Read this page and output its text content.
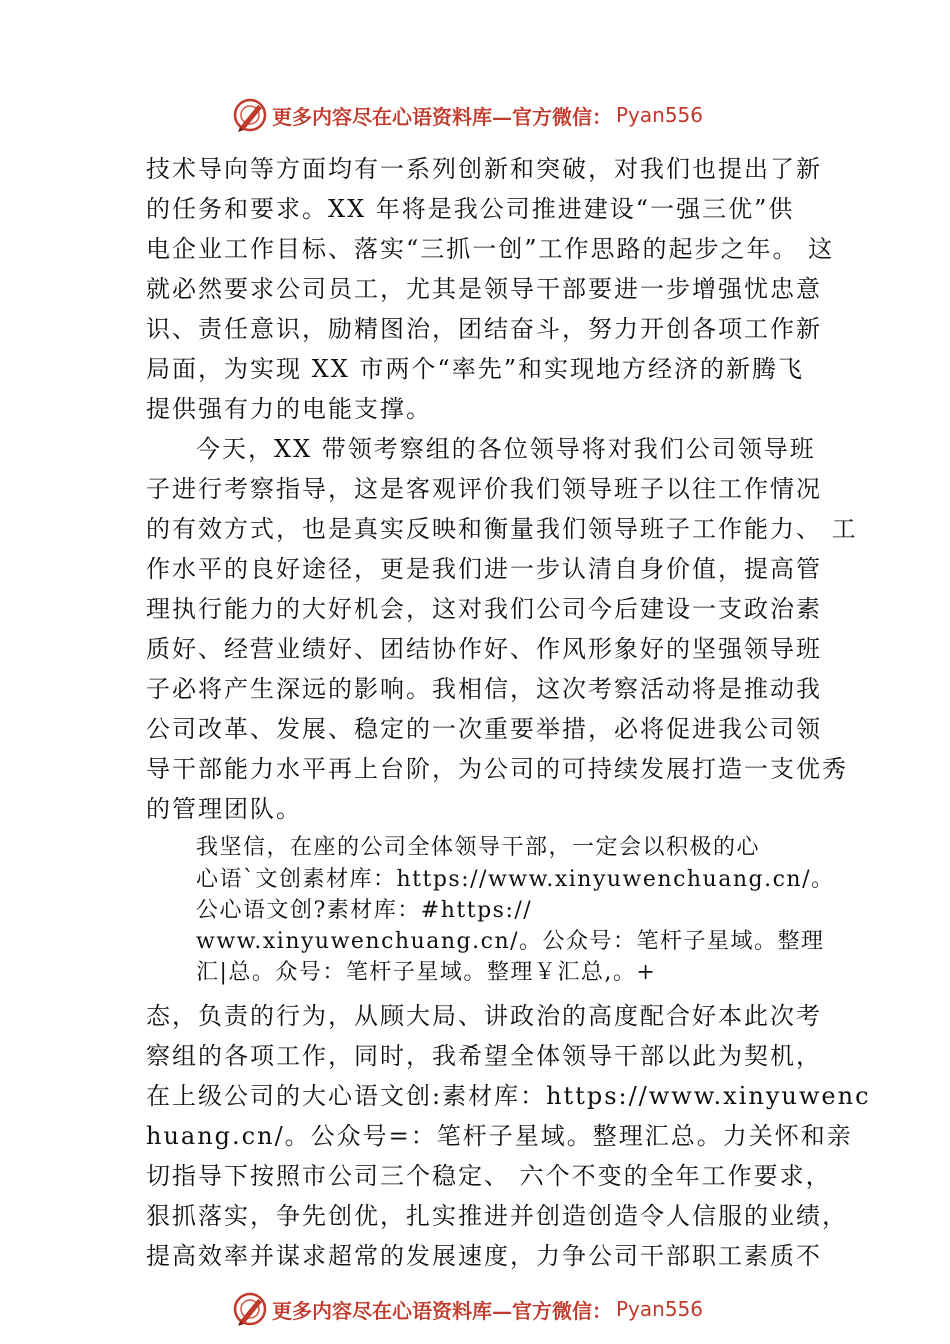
更多内容尽在心语资料库—官方微信： Pyan556
技术导向等方面均有一系列创新和突破，对我们也提出了新
的任务和要求。XX 年将是我公司推进建设“一强三优”供
电企业工作目标、落实“三抓一创”工作思路的起步之年。 这
就必然要求公司员工，尤其是领导干部要进一步增强忧忠意
识、责任意识，励精图治，团结奋斗，努力开创各项工作新
局面，为实现 XX 市两个“率先”和实现地方经济的新腾飞
提供强有力的电能支撑。
今天，XX 带领考察组的各位领导将对我们公司领导班
子进行考察指导，这是客观评价我们领导班子以往工作情况
的有效方式，也是真实反映和衡量我们领导班子工作能力、 工
作水平的良好途径，更是我们进一步认清自身价值，提高管
理执行能力的大好机会，这对我们公司今后建设一支政治素
质好、经营业绩好、团结协作好、作风形象好的坚强领导班
子必将产生深远的影响。我相信，这次考察活动将是推动我
公司改革、发展、稳定的一次重要举措，必将促进我公司领
导干部能力水平再上台阶，为公司的可持续发展打造一支优秀
的管理团队。
我坚信，在座的公司全体领导干部，一定会以积极的心
心语`文创素材库：https://www.xinyuwenchuang.cn/。
公心语文创?素材库：#https://
www.xinyuwenchuang.cn/。公众号：笔杆子星域。整理
汇|总。众号：笔杆子星域。整理￥汇总,。+
态，负责的行为，从顾大局、讲政治的高度配合好本此次考
察组的各项工作，同时，我希望全体领导干部以此为契机，
在上级公司的大心语文创:素材库：https://www.xinyuwenc
huang.cn/。公众号=：笔杆子星域。整理汇总。力关怀和亲
切指导下按照市公司三个稳定、 六个不变的全年工作要求，
狠抓落实，争先创优，扎实推进并创造创造令人信服的业绩，
提高效率并谋求超常的发展速度，力争公司干部职工素质不
更多内容尽在心语资料库—官方微信： Pyan556
